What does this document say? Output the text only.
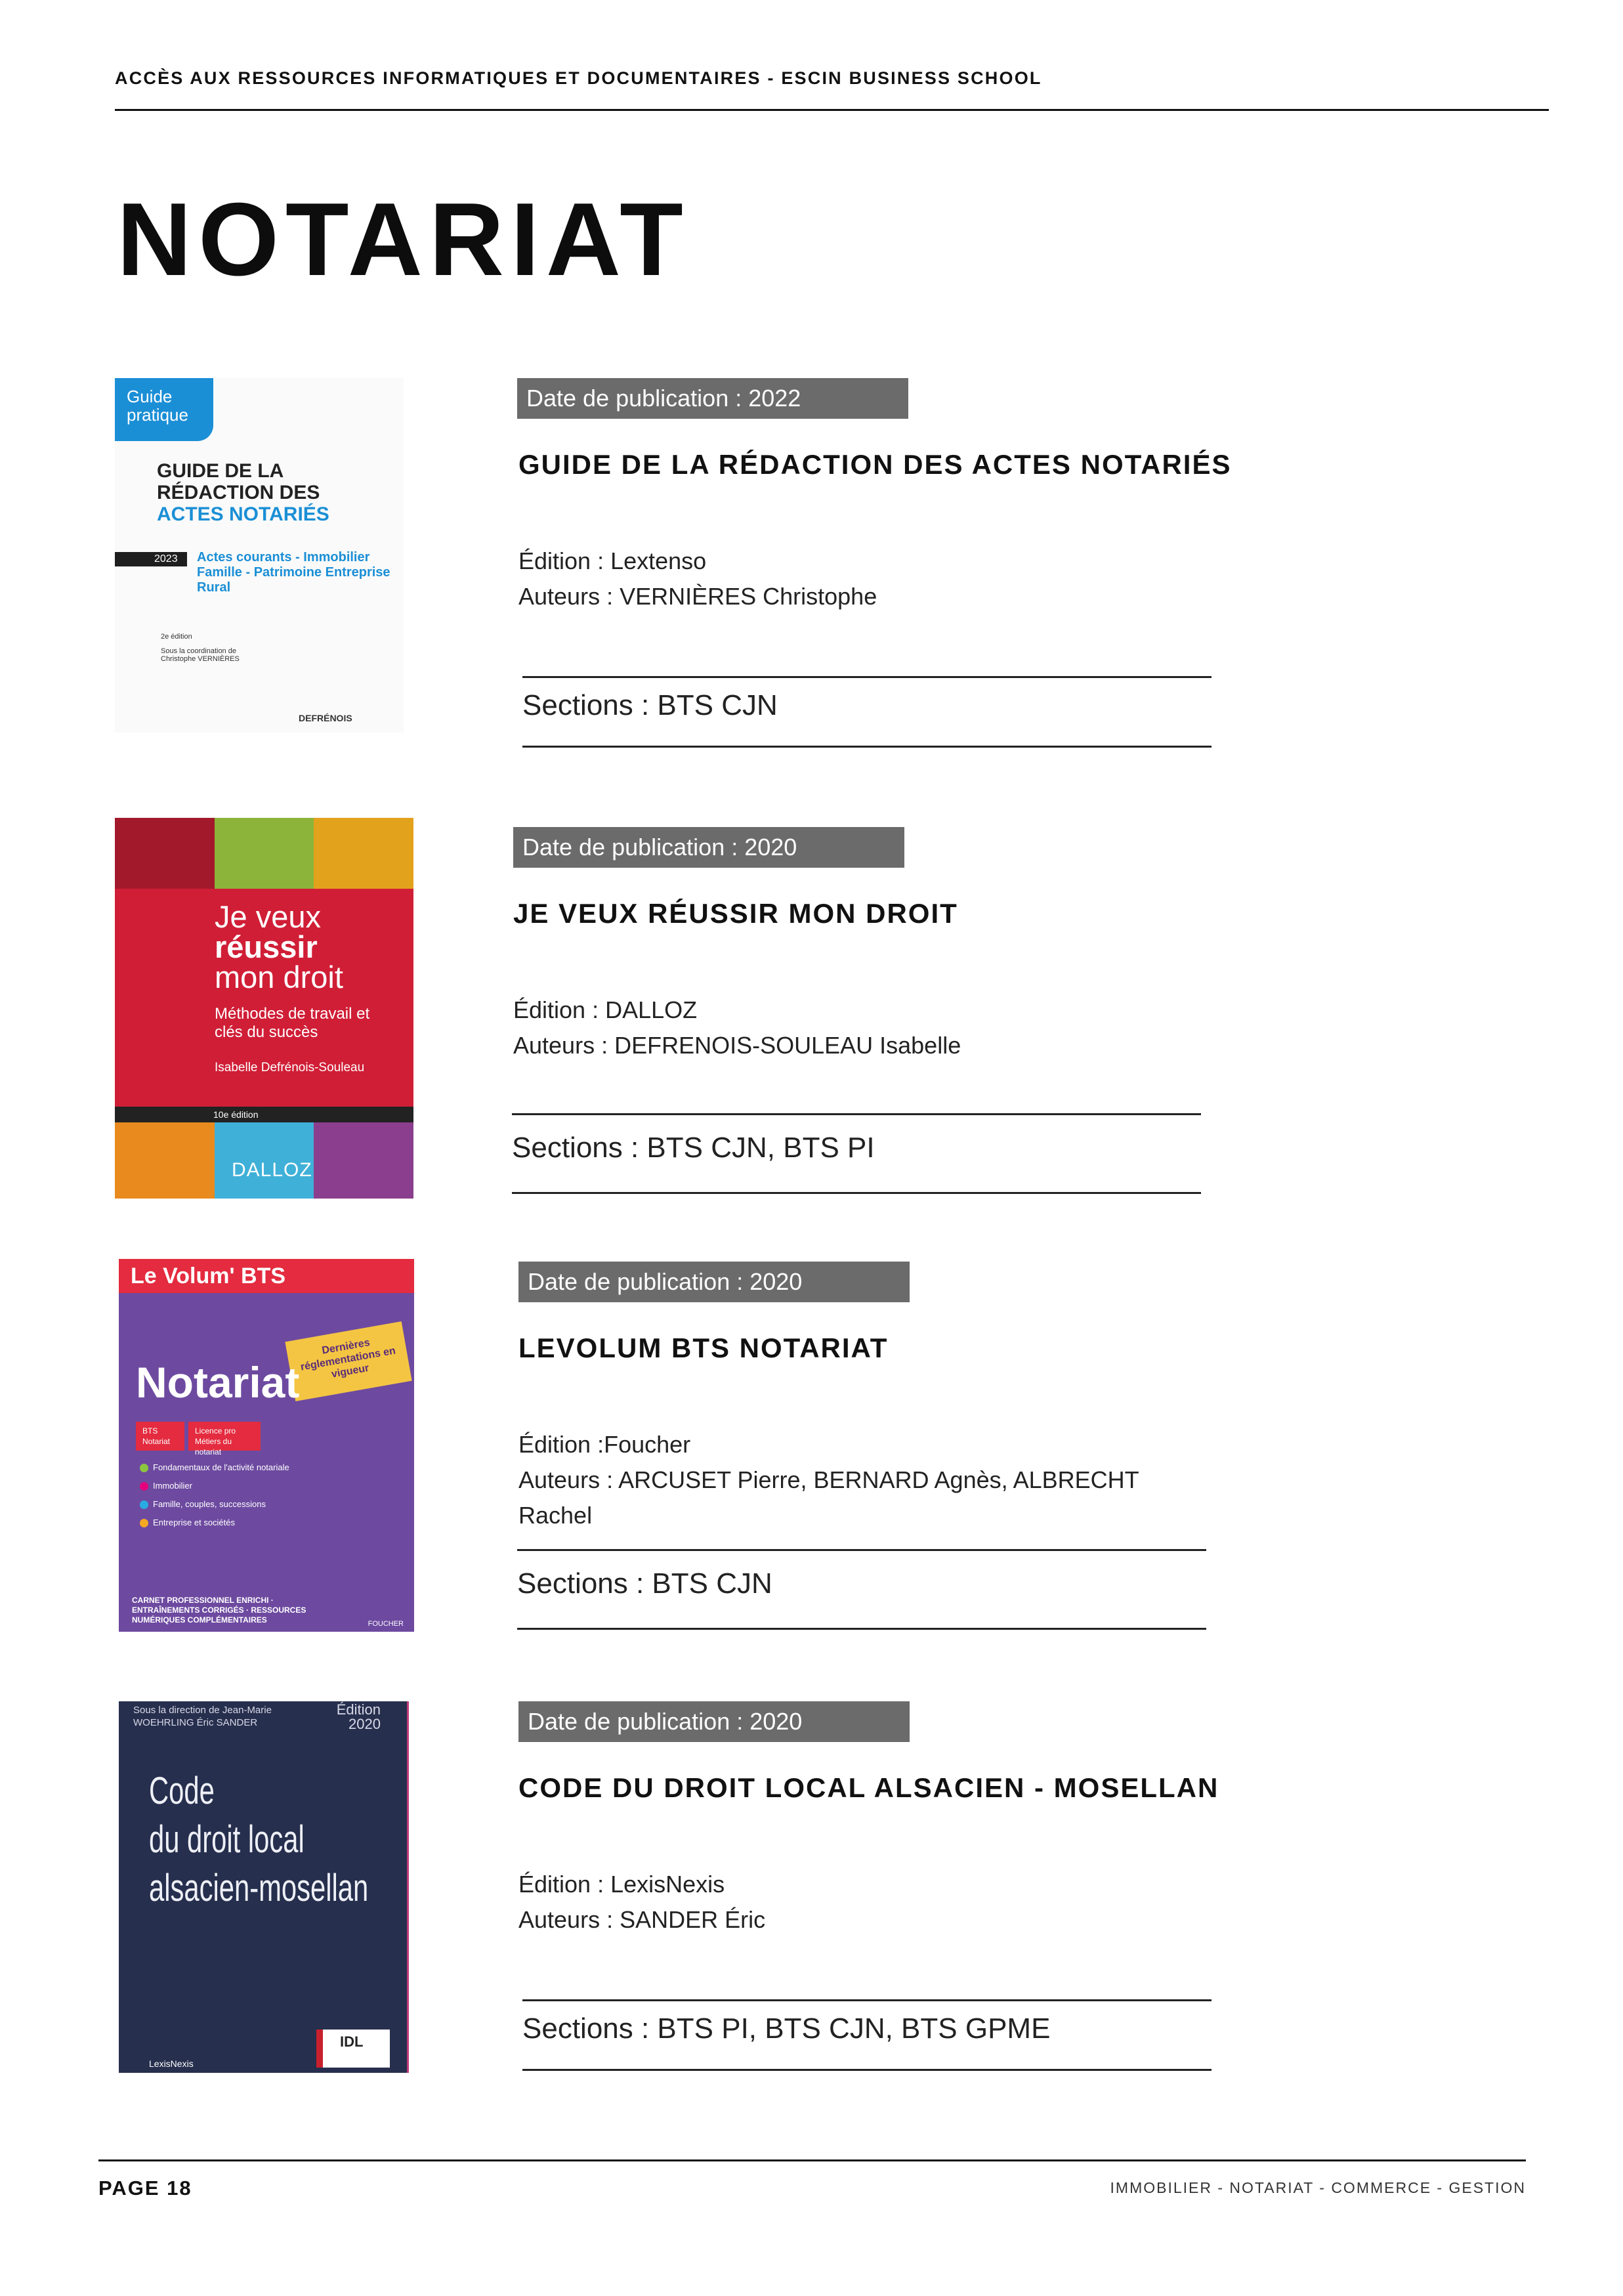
ACCÈS AUX RESSOURCES INFORMATIQUES ET DOCUMENTAIRES - ESCIN BUSINESS SCHOOL
NOTARIAT
Guide pratique
GUIDE DE LA
RÉDACTION DES
ACTES NOTARIÉS
2023	Actes courants - Immobilier Famille - Patrimoine Entreprise Rural
2e édition
Sous la coordination de Christophe VERNIÈRES
DEFRÉNOIS
Date de publication : 2022
GUIDE DE LA RÉDACTION DES ACTES NOTARIÉS
Édition : Lextenso
Auteurs : VERNIÈRES Christophe
Sections : BTS CJN
Je veux
réussir
mon droit
Méthodes de travail et clés du succès
Isabelle Defrénois-Souleau
10e édition
DALLOZ
Date de publication : 2020
JE VEUX RÉUSSIR MON DROIT
Édition : DALLOZ
Auteurs : DEFRENOIS-SOULEAU Isabelle
Sections : BTS CJN, BTS PI
Le Volum' BTS
Dernières réglementations en vigueur
Notariat
BTS Notariat
Licence pro Métiers du notariat
Fondamentaux de l'activité notariale
Immobilier
Famille, couples, successions
Entreprise et sociétés
CARNET PROFESSIONNEL ENRICHI · ENTRAÎNEMENTS CORRIGÉS · RESSOURCES NUMÉRIQUES COMPLÉMENTAIRES	FOUCHER
Date de publication : 2020
LEVOLUM BTS NOTARIAT
Édition :Foucher
Auteurs : ARCUSET Pierre, BERNARD Agnès, ALBRECHT Rachel
Sections : BTS CJN
Sous la direction de Jean-Marie WOEHRLING Éric SANDER
Édition 2020
Code
du droit local
alsacien-mosellan
IDL
LexisNexis
Date de publication : 2020
CODE DU DROIT LOCAL ALSACIEN - MOSELLAN
Édition : LexisNexis
Auteurs : SANDER Éric
Sections : BTS PI, BTS CJN, BTS GPME
PAGE 18	IMMOBILIER - NOTARIAT - COMMERCE - GESTION
